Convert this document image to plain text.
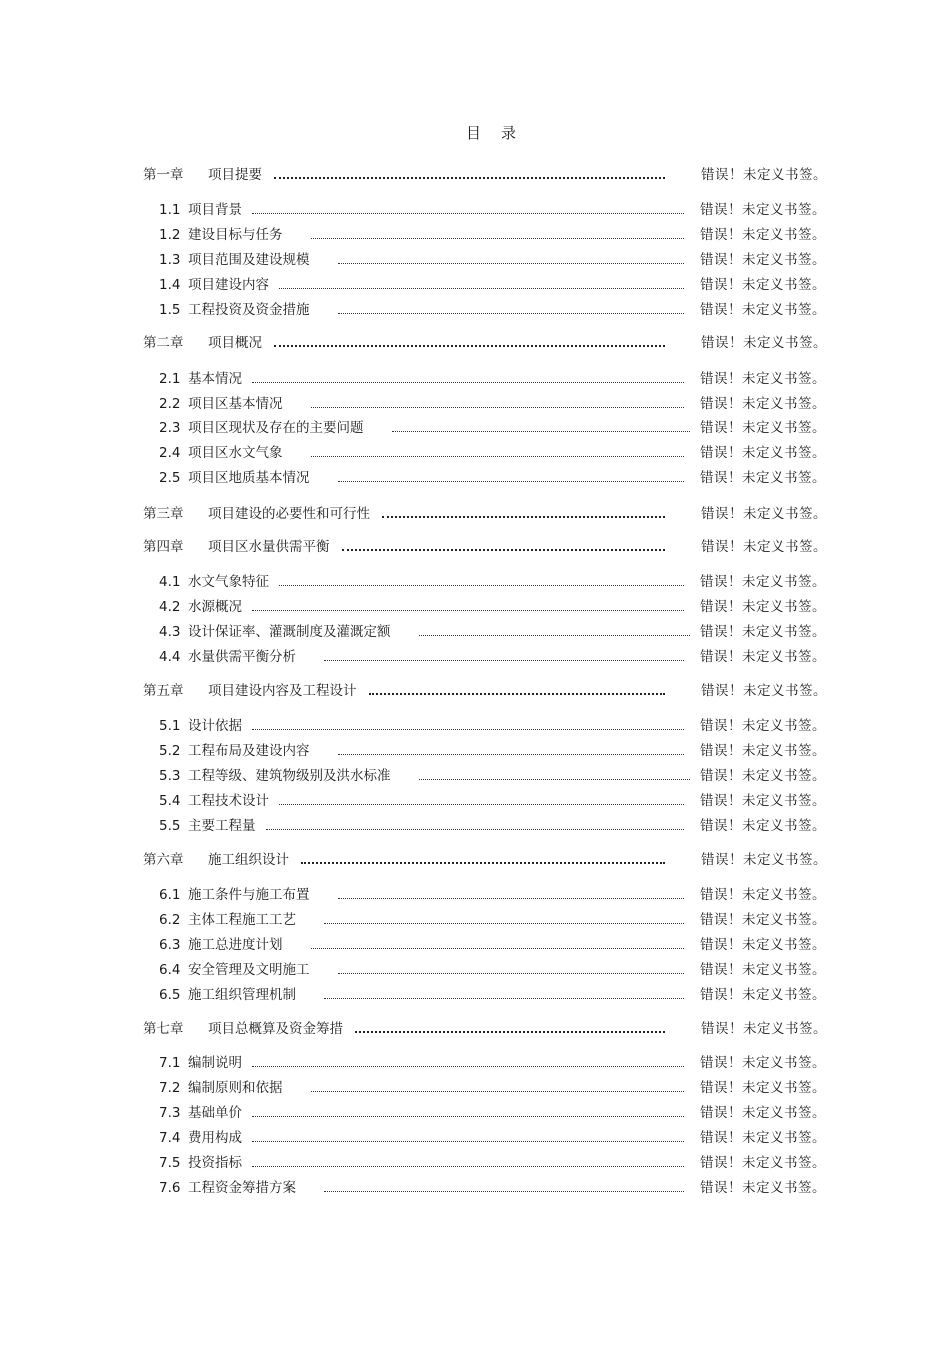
目 录
第一章 项目提要	错误！未定义书签。
1.1 项目背景	错误！未定义书签。
1.2 建设目标与任务	错误！未定义书签。
1.3 项目范围及建设规模	错误！未定义书签。
1.4 项目建设内容	错误！未定义书签。
1.5 工程投资及资金措施	错误！未定义书签。
第二章 项目概况	错误！未定义书签。
2.1 基本情况	错误！未定义书签。
2.2 项目区基本情况	错误！未定义书签。
2.3 项目区现状及存在的主要问题	错误！未定义书签。
2.4 项目区水文气象	错误！未定义书签。
2.5 项目区地质基本情况	错误！未定义书签。
第三章 项目建设的必要性和可行性	错误！未定义书签。
第四章 项目区水量供需平衡	错误！未定义书签。
4.1 水文气象特征	错误！未定义书签。
4.2 水源概况	错误！未定义书签。
4.3 设计保证率、灌溉制度及灌溉定额	错误！未定义书签。
4.4 水量供需平衡分析	错误！未定义书签。
第五章 项目建设内容及工程设计	错误！未定义书签。
5.1 设计依据	错误！未定义书签。
5.2 工程布局及建设内容	错误！未定义书签。
5.3 工程等级、建筑物级别及洪水标准	错误！未定义书签。
5.4 工程技术设计	错误！未定义书签。
5.5 主要工程量	错误！未定义书签。
第六章 施工组织设计	错误！未定义书签。
6.1 施工条件与施工布置	错误！未定义书签。
6.2 主体工程施工工艺	错误！未定义书签。
6.3 施工总进度计划	错误！未定义书签。
6.4 安全管理及文明施工	错误！未定义书签。
6.5 施工组织管理机制	错误！未定义书签。
第七章 项目总概算及资金筹措	错误！未定义书签。
7.1 编制说明	错误！未定义书签。
7.2 编制原则和依据	错误！未定义书签。
7.3 基础单价	错误！未定义书签。
7.4 费用构成	错误！未定义书签。
7.5 投资指标	错误！未定义书签。
7.6 工程资金筹措方案	错误！未定义书签。
